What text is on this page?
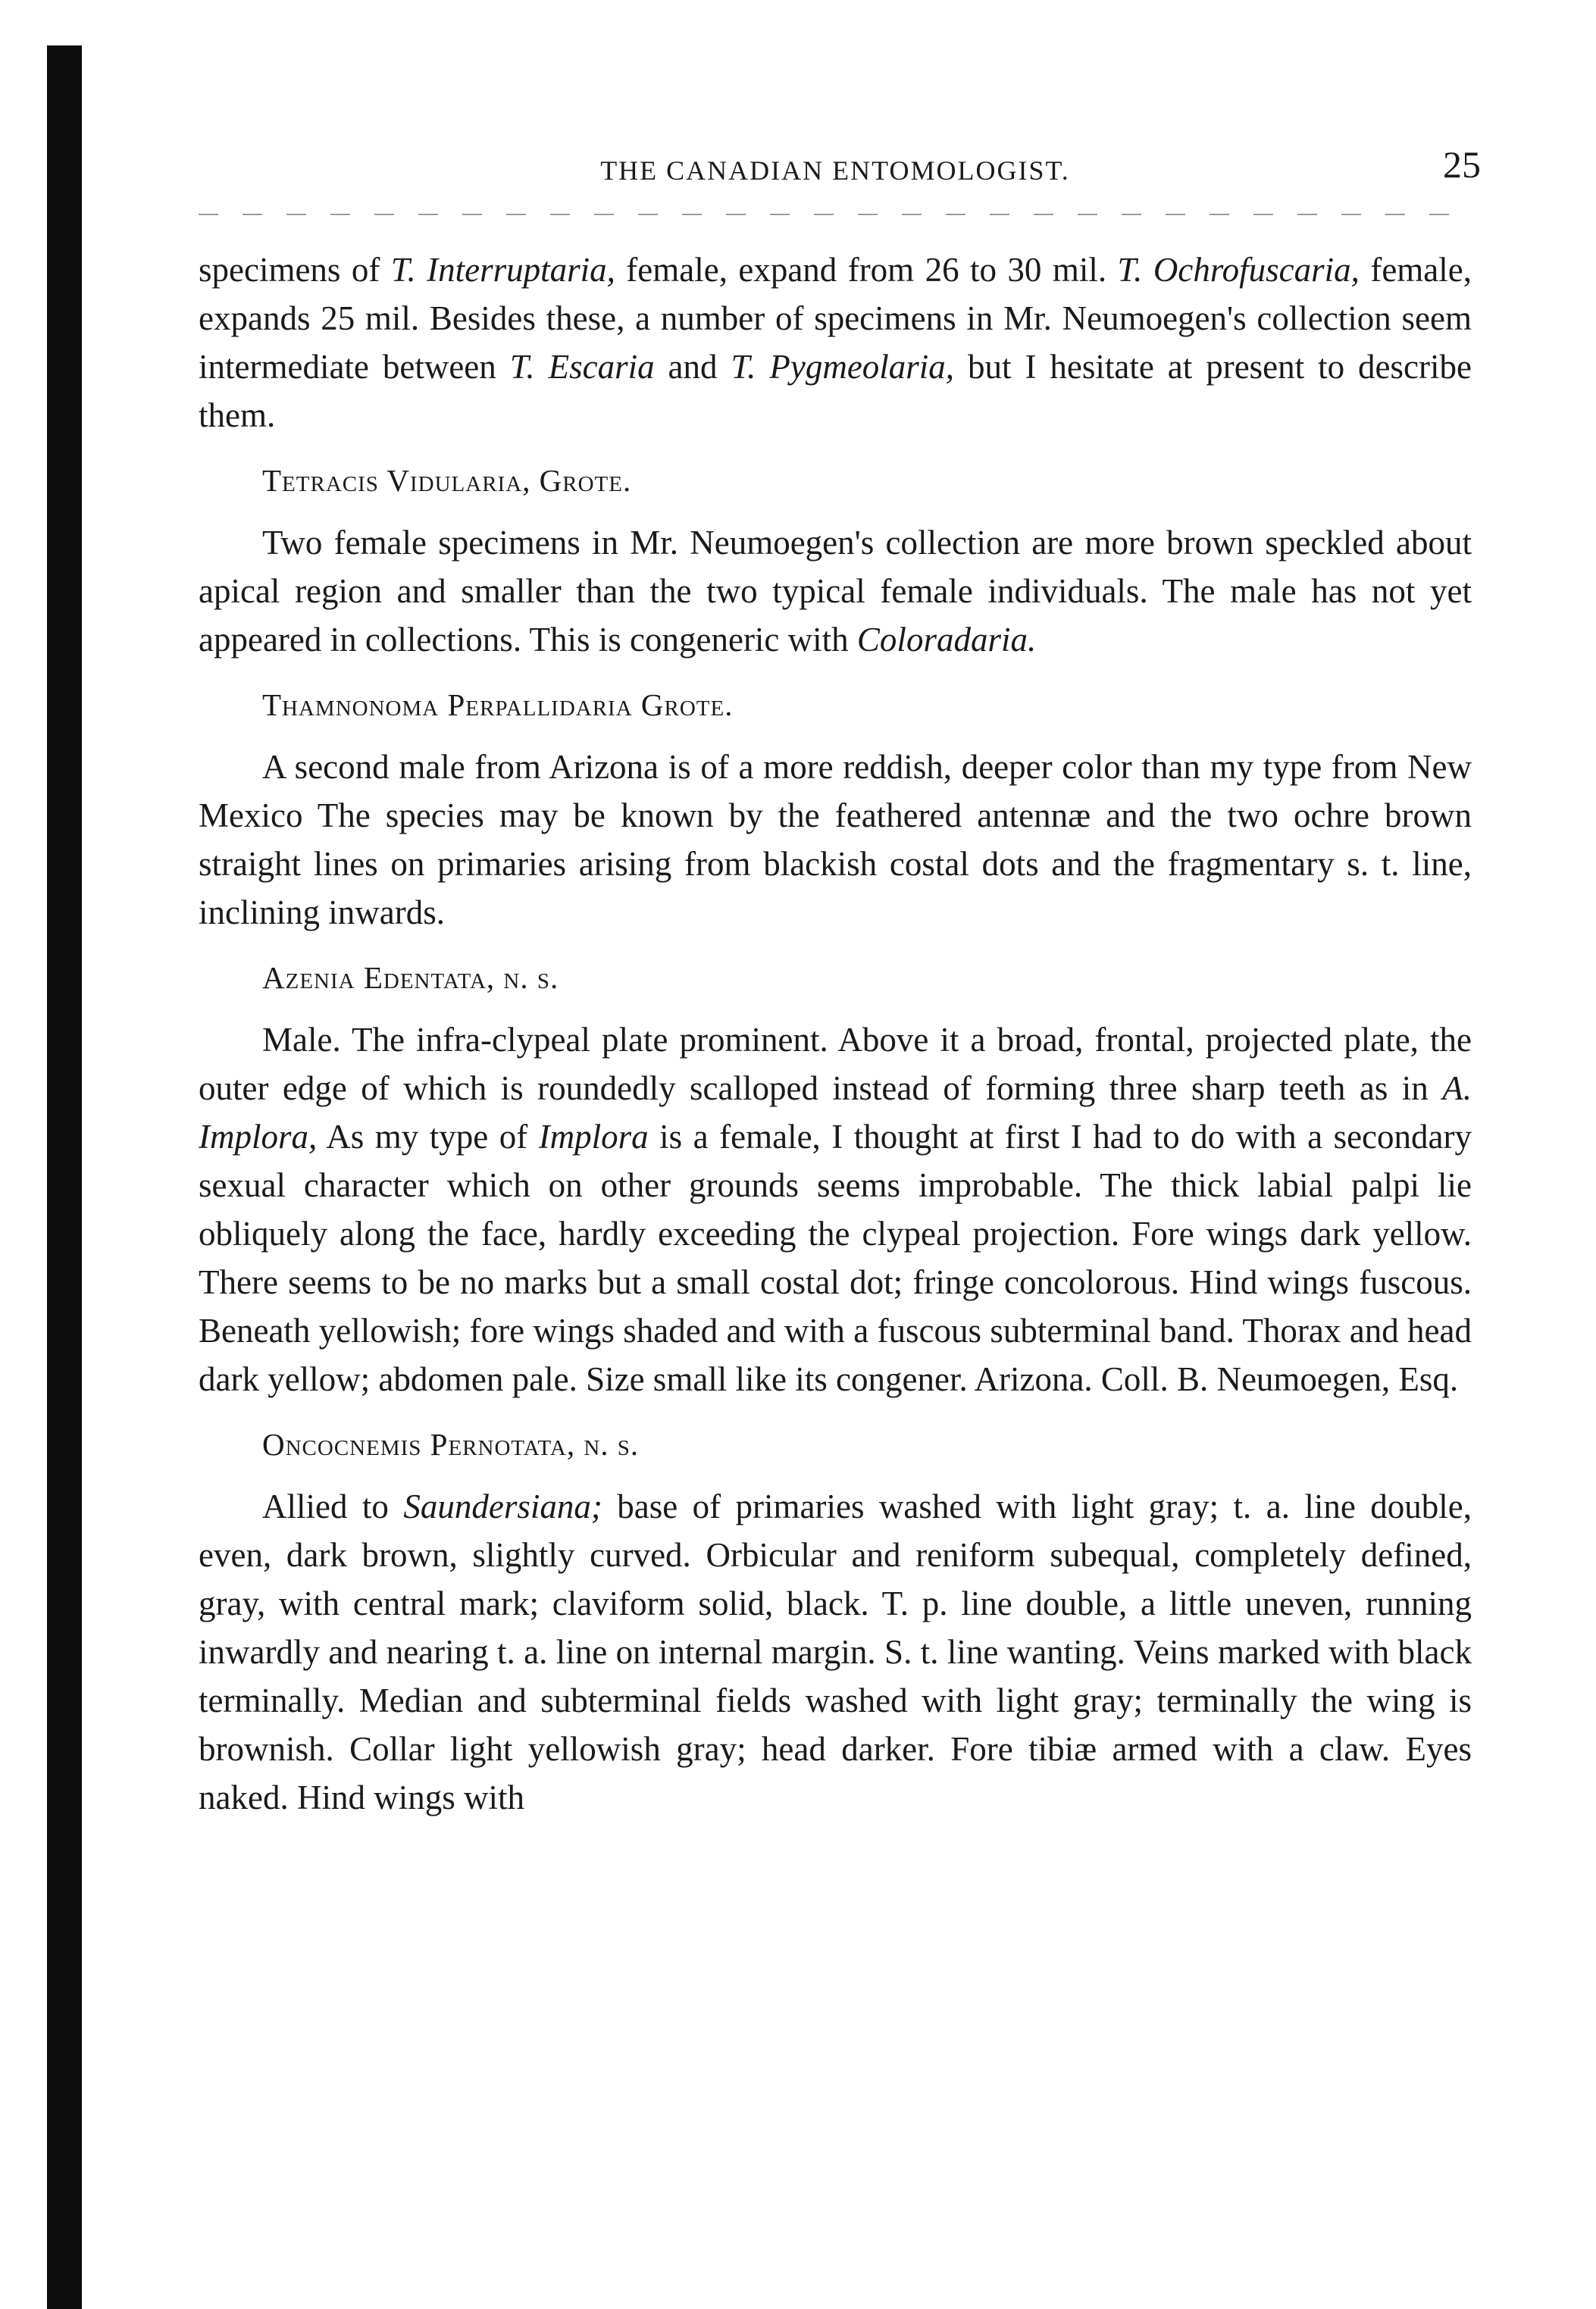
THE CANADIAN ENTOMOLOGIST.	25

specimens of T. Interruptaria, female, expand from 26 to 30 mil. T. Ochrofuscaria, female, expands 25 mil. Besides these, a number of specimens in Mr. Neumoegen's collection seem intermediate between T. Escaria and T. Pygmeolaria, but I hesitate at present to describe them.

Tetracis Vidularia, Grote.

Two female specimens in Mr. Neumoegen's collection are more brown speckled about apical region and smaller than the two typical female individuals. The male has not yet appeared in collections. This is congeneric with Coloradaria.

Thamnonoma Perpallidaria Grote.

A second male from Arizona is of a more reddish, deeper color than my type from New Mexico The species may be known by the feathered antennæ and the two ochre brown straight lines on primaries arising from blackish costal dots and the fragmentary s. t. line, inclining inwards.

Azenia Edentata, n. s.

Male. The infra-clypeal plate prominent. Above it a broad, frontal, projected plate, the outer edge of which is roundedly scalloped instead of forming three sharp teeth as in A. Implora, As my type of Implora is a female, I thought at first I had to do with a secondary sexual character which on other grounds seems improbable. The thick labial palpi lie obliquely along the face, hardly exceeding the clypeal projection. Fore wings dark yellow. There seems to be no marks but a small costal dot; fringe concolorous. Hind wings fuscous. Beneath yellowish; fore wings shaded and with a fuscous subterminal band. Thorax and head dark yellow; abdomen pale. Size small like its congener. Arizona. Coll. B. Neumoegen, Esq.

Oncocnemis Pernotata, n. s.

Allied to Saundersiana; base of primaries washed with light gray; t. a. line double, even, dark brown, slightly curved. Orbicular and reniform subequal, completely defined, gray, with central mark; claviform solid, black. T. p. line double, a little uneven, running inwardly and nearing t. a. line on internal margin. S. t. line wanting. Veins marked with black terminally. Median and subterminal fields washed with light gray; terminally the wing is brownish. Collar light yellowish gray; head darker. Fore tibiæ armed with a claw. Eyes naked. Hind wings with
